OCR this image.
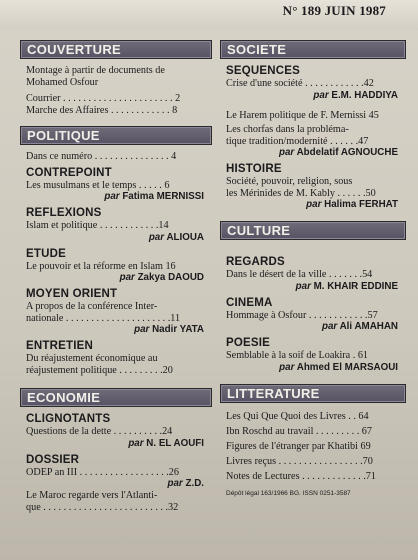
N° 189 JUIN 1987
COUVERTURE
Montage à partir de documents de
Mohamed Osfour
Courrier . . . . . . . . . . . . . . . . . . . . . . 2
Marche des Affaires . . . . . . . . . . . . 8
POLITIQUE
Dans ce numéro . . . . . . . . . . . . . . . 4
CONTREPOINT
Les musulmans et le temps . . . . . 6
par Fatima MERNISSI
REFLEXIONS
Islam et politique . . . . . . . . . . . .14
par ALIOUA
ETUDE
Le pouvoir et la réforme en Islam 16
par Zakya DAOUD
MOYEN ORIENT
A propos de la conférence Inter-
nationale . . . . . . . . . . . . . . . . . . . . .11
par Nadir YATA
ENTRETIEN
Du réajustement économique au
réajustement politique . . . . . . . . .20
ECONOMIE
CLIGNOTANTS
Questions de la dette . . . . . . . . . .24
par N. EL AOUFI
DOSSIER
ODEP an III . . . . . . . . . . . . . . . . . .26
par Z.D.
Le Maroc regarde vers l'Atlanti-
que . . . . . . . . . . . . . . . . . . . . . . . . .32
SOCIETE
SEQUENCES
Crise d'une société . . . . . . . . . . . .42
par E.M. HADDIYA
Le Harem politique de F. Mernissi 45
Les chorfas dans la probléma-
tique tradition/modernité . . . . . .47
par Abdelatif AGNOUCHE
HISTOIRE
Société, pouvoir, religion, sous
les Mérinides de M. Kably . . . . . .50
par Halima FERHAT
CULTURE
REGARDS
Dans le désert de la ville . . . . . . .54
par M. KHAIR EDDINE
CINEMA
Hommage à Osfour . . . . . . . . . . . .57
par Ali AMAHAN
POESIE
Semblable à la soif de Loakira . 61
par Ahmed El MARSAOUI
LITTERATURE
Les Qui Que Quoi des Livres . . 64
Ibn Roschd au travail . . . . . . . . . 67
Figures de l'étranger par Khatibi 69
Livres reçus . . . . . . . . . . . . . . . . .70
Notes de Lectures . . . . . . . . . . . . .71
Dépôt légal 163/1966 BG. ISSN 0251-3587
